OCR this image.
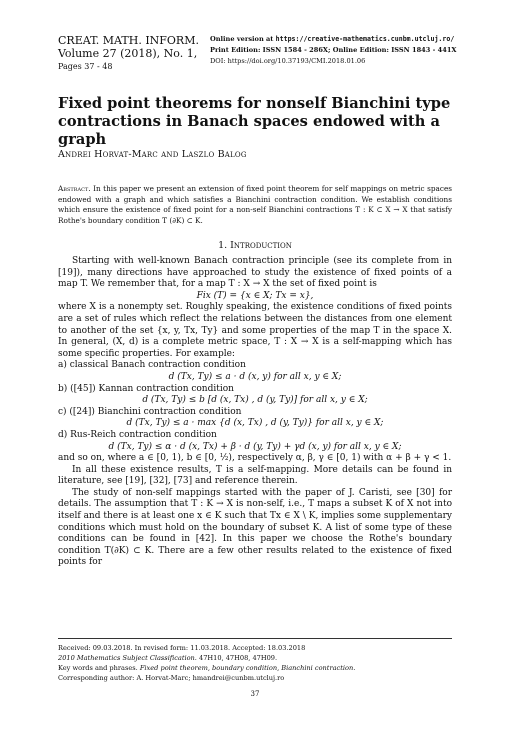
CREAT. MATH. INFORM.
Volume 27 (2018), No. 1,
Pages 37 - 48
Online version at https://creative-mathematics.cunbm.utcluj.ro/
Print Edition: ISSN 1584 - 286X; Online Edition: ISSN 1843 - 441X
DOI: https://doi.org/10.37193/CMI.2018.01.06
Fixed point theorems for nonself Bianchini type contractions in Banach spaces endowed with a graph
Andrei Horvat-Marc and Laszlo Balog
Abstract. In this paper we present an extension of fixed point theorem for self mappings on metric spaces endowed with a graph and which satisfies a Bianchini contraction condition. We establish conditions which ensure the existence of fixed point for a non-self Bianchini contractions T : K ⊂ X → X that satisfy Rothe's boundary condition T (∂K) ⊂ K.
1. Introduction

Starting with well-known Banach contraction principle (see its complete from in [19]), many directions have approached to study the existence of fixed points of a map T. We remember that, for a map T : X → X the set of fixed point is

Fix (T) = {x ∈ X; Tx = x},

where X is a nonempty set. Roughly speaking, the existence conditions of fixed points are a set of rules which reflect the relations between the distances from one element to another of the set {x, y, Tx, Ty} and some properties of the map T in the space X. In general, (X, d) is a complete metric space, T : X → X is a self-mapping which has some specific properties. For example:

a) classical Banach contraction condition

d (Tx, Ty) ≤ a · d (x, y) for all x, y ∈ X;

b) ([45]) Kannan contraction condition

d (Tx, Ty) ≤ b [d (x, Tx) , d (y, Ty)] for all x, y ∈ X;

c) ([24]) Bianchini contraction condition

d (Tx, Ty) ≤ a · max {d (x, Tx) , d (y, Ty)} for all x, y ∈ X;

d) Rus-Reich contraction condition

d (Tx, Ty) ≤ α · d (x, Tx) + β · d (y, Ty) + γd (x, y) for all x, y ∈ X;

and so on, where a ∈ [0, 1), b ∈ [0, ½), respectively α, β, γ ∈ [0, 1) with α + β + γ < 1.

In all these existence results, T is a self-mapping. More details can be found in literature, see [19], [32], [73] and reference therein.

The study of non-self mappings started with the paper of J. Caristi, see [30] for details. The assumption that T : K → X is non-self, i.e., T maps a subset K of X not into itself and there is at least one x ∈ K such that Tx ∈ X \ K, implies some supplementary conditions which must hold on the boundary of subset K. A list of some type of these conditions can be found in [42]. In this paper we choose the Rothe's boundary condition T(∂K) ⊂ K. There are a few other results related to the existence of fixed points for

Received: 09.03.2018. In revised form: 11.03.2018. Accepted: 18.03.2018
2010 Mathematics Subject Classification. 47H10, 47H08, 47H09.
Key words and phrases. Fixed point theorem, boundary condition, Bianchini contraction.
Corresponding author: A. Horvat-Marc; hmandrei@cunbm.utcluj.ro
37
